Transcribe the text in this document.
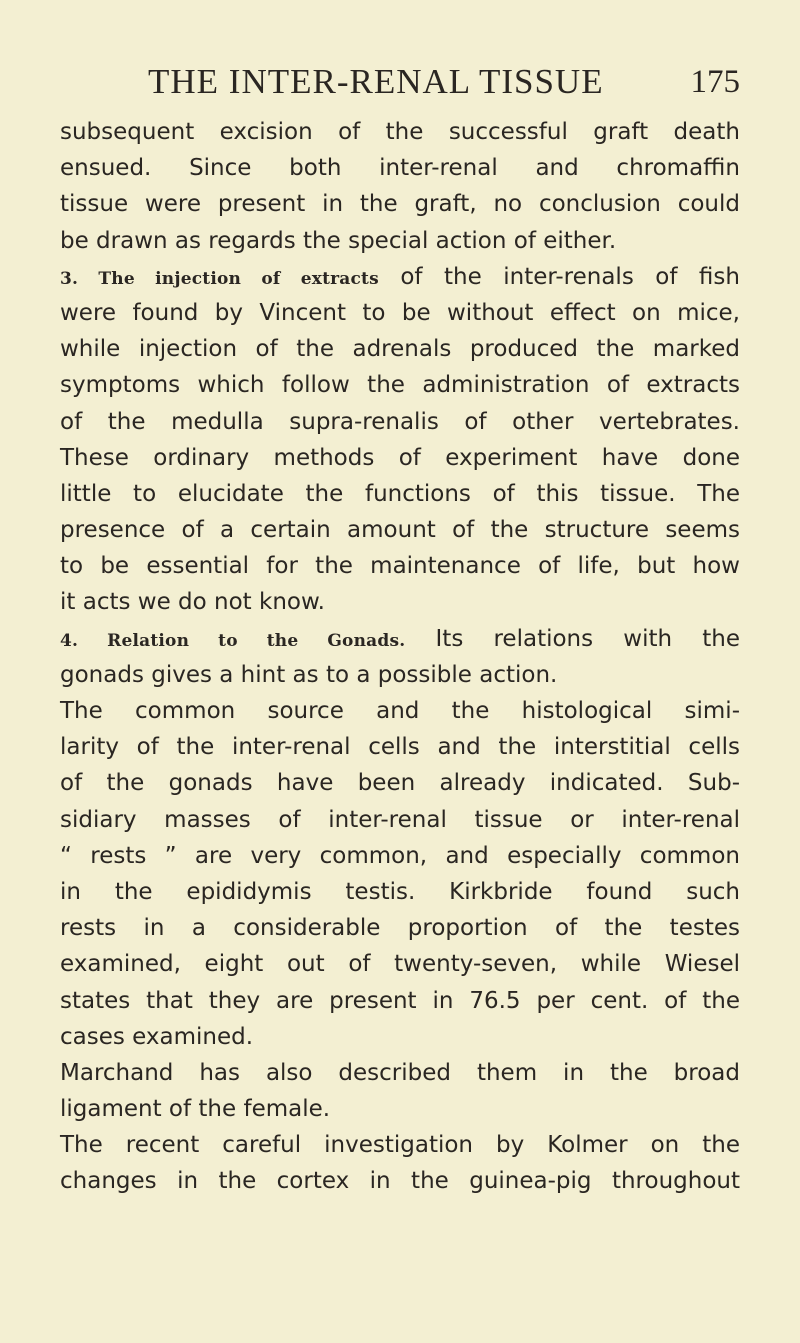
THE INTER-RENAL TISSUE	175
subsequent excision of the successful graft death
ensued. Since both inter-renal and chromaffin
tissue were present in the graft, no conclusion could
be drawn as regards the special action of either.
3. The injection of extracts of the inter-renals of fish
were found by Vincent to be without effect on mice,
while injection of the adrenals produced the marked
symptoms which follow the administration of extracts
of the medulla supra-renalis of other vertebrates.
These ordinary methods of experiment have done
little to elucidate the functions of this tissue. The
presence of a certain amount of the structure seems
to be essential for the maintenance of life, but how
it acts we do not know.
4. Relation to the Gonads. Its relations with the
gonads gives a hint as to a possible action.
The common source and the histological simi-
larity of the inter-renal cells and the interstitial cells
of the gonads have been already indicated. Sub-
sidiary masses of inter-renal tissue or inter-renal
“ rests ” are very common, and especially common
in the epididymis testis. Kirkbride found such
rests in a considerable proportion of the testes
examined, eight out of twenty-seven, while Wiesel
states that they are present in 76.5 per cent. of the
cases examined.
Marchand has also described them in the broad
ligament of the female.
The recent careful investigation by Kolmer on the
changes in the cortex in the guinea-pig throughout
